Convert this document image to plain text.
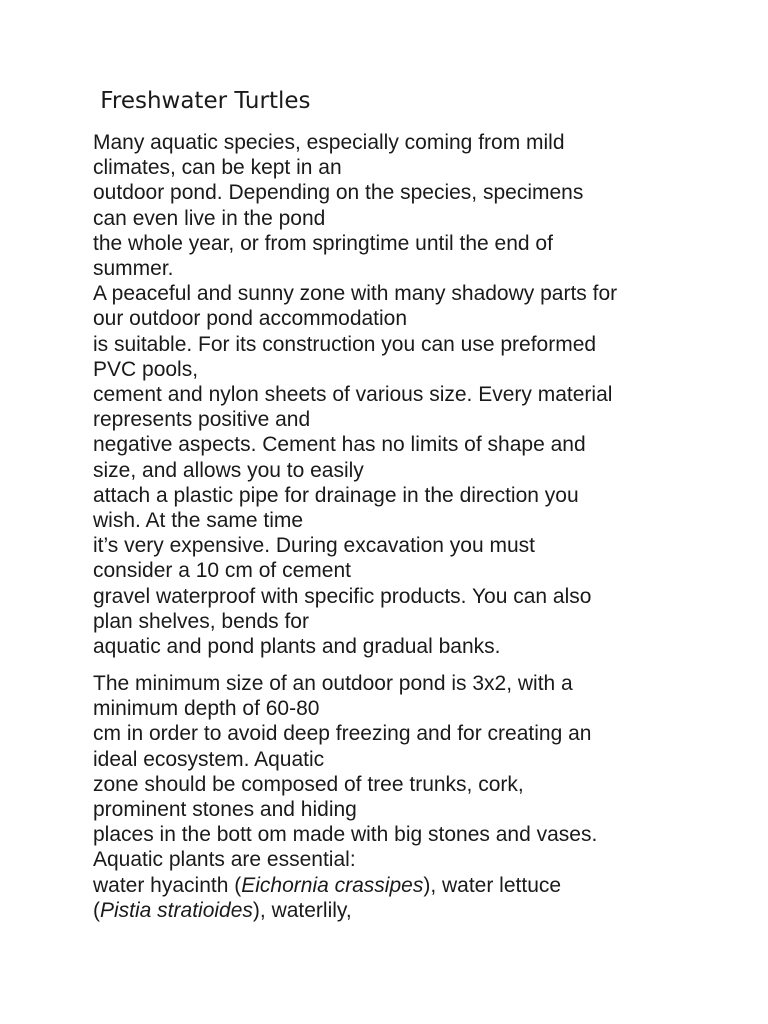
Freshwater Turtles
Many aquatic species, especially coming from mild
climates, can be kept in an
outdoor pond. Depending on the species, specimens
can even live in the pond
the whole year, or from springtime until the end of
summer.
A peaceful and sunny zone with many shadowy parts for
our outdoor pond accommodation
is suitable. For its construction you can use preformed
PVC pools,
cement and nylon sheets of various size. Every material
represents positive and
negative aspects. Cement has no limits of shape and
size, and allows you to easily
attach a plastic pipe for drainage in the direction you
wish. At the same time
it’s very expensive. During excavation you must
consider a 10 cm of cement
gravel waterproof with specific products. You can also
plan shelves, bends for
aquatic and pond plants and gradual banks.
The minimum size of an outdoor pond is 3x2, with a
minimum depth of 60-80
cm in order to avoid deep freezing and for creating an
ideal ecosystem. Aquatic
zone should be composed of tree trunks, cork,
prominent stones and hiding
places in the bott om made with big stones and vases.
Aquatic plants are essential:
water hyacinth (Eichornia crassipes), water lettuce
(Pistia stratioides), waterlily,
